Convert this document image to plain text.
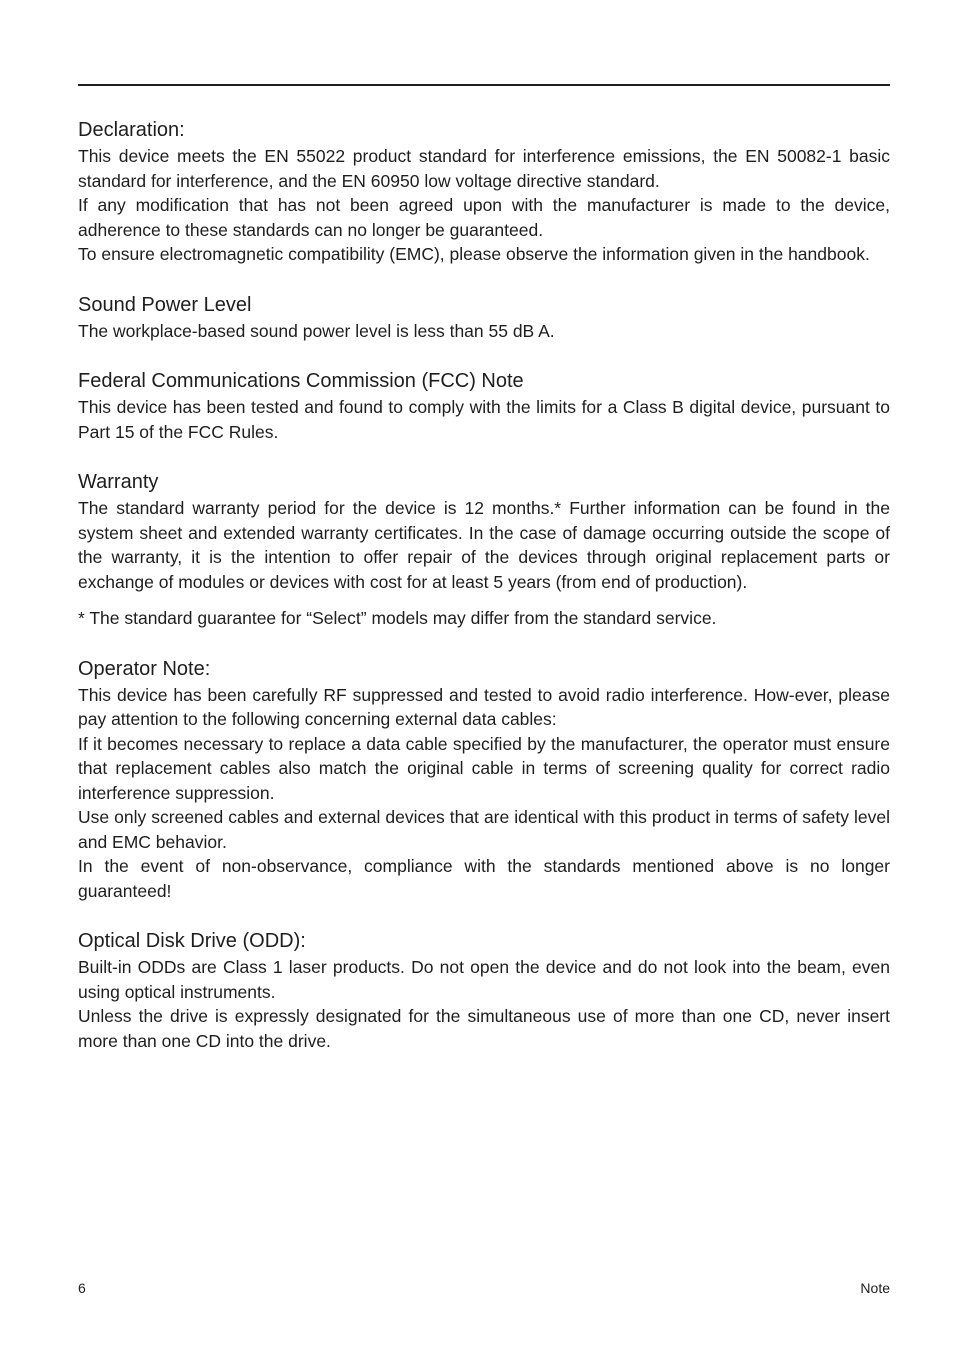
Declaration:

This device meets the EN 55022 product standard for interference emissions, the EN 50082-1 basic standard for interference, and the EN 60950 low voltage directive standard.

If any modification that has not been agreed upon with the manufacturer is made to the device, adherence to these standards can no longer be guaranteed.

To ensure electromagnetic compatibility (EMC), please observe the information given in the handbook.

Sound Power Level

The workplace-based sound power level is less than 55 dB A.

Federal Communications Commission (FCC) Note

This device has been tested and found to comply with the limits for a Class B digital device, pursuant to Part 15 of the FCC Rules.

Warranty

The standard warranty period for the device is 12 months.* Further information can be found in the system sheet and extended warranty certificates. In the case of damage occurring outside the scope of the warranty, it is the intention to offer repair of the devices through original replacement parts or exchange of modules or devices with cost for at least 5 years (from end of production).

* The standard guarantee for “Select” models may differ from the standard service.

Operator Note:

This device has been carefully RF suppressed and tested to avoid radio interference. How-ever, please pay attention to the following concerning external data cables:

If it becomes necessary to replace a data cable specified by the manufacturer, the operator must ensure that replacement cables also match the original cable in terms of screening quality for correct radio interference suppression.

Use only screened cables and external devices that are identical with this product in terms of safety level and EMC behavior.

In the event of non-observance, compliance with the standards mentioned above is no longer guaranteed!

Optical Disk Drive (ODD):

Built-in ODDs are Class 1 laser products. Do not open the device and do not look into the beam, even using optical instruments.

Unless the drive is expressly designated for the simultaneous use of more than one CD, never insert more than one CD into the drive.

6	Note
